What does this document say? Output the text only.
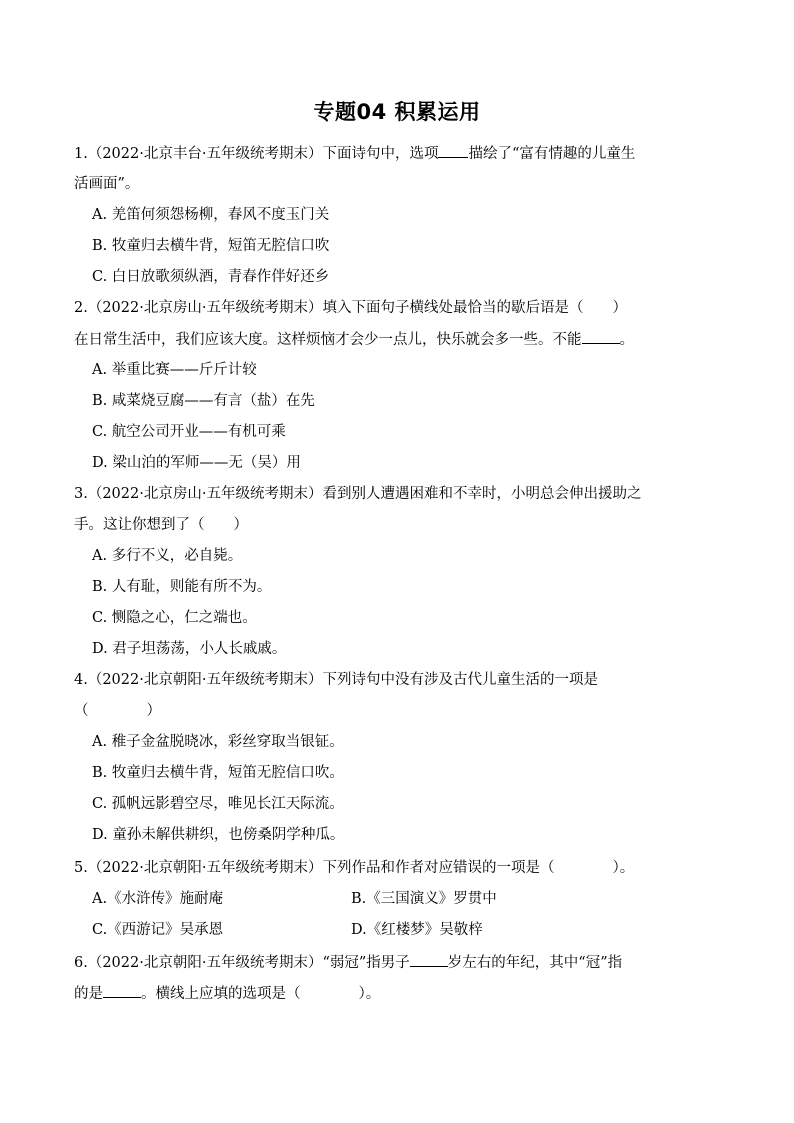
专题04 积累运用
1.（2022·北京丰台·五年级统考期末）下面诗句中，选项 描绘了“富有情趣的儿童生
活画面”。
A. 羌笛何须怨杨柳，春风不度玉门关
B. 牧童归去横牛背，短笛无腔信口吹
C. 白日放歌须纵酒，青春作伴好还乡
2.（2022·北京房山·五年级统考期末）填入下面句子横线处最恰当的歇后语是（　　）
在日常生活中，我们应该大度。这样烦恼才会少一点儿，快乐就会多一些。不能	。
A. 举重比赛——斤斤计较
B. 咸菜烧豆腐——有言（盐）在先
C. 航空公司开业——有机可乘
D. 梁山泊的军师——无（吴）用
3.（2022·北京房山·五年级统考期末）看到别人遭遇困难和不幸时，小明总会伸出援助之
手。这让你想到了（　　）
A. 多行不义，必自毙。
B. 人有耻，则能有所不为。
C. 恻隐之心，仁之端也。
D. 君子坦荡荡，小人长戚戚。
4.（2022·北京朝阳·五年级统考期末）下列诗句中没有涉及古代儿童生活的一项是
（　　　　）
A. 稚子金盆脱晓冰，彩丝穿取当银钲。
B. 牧童归去横牛背，短笛无腔信口吹。
C. 孤帆远影碧空尽，唯见长江天际流。
D. 童孙未解供耕织，也傍桑阴学种瓜。
5.（2022·北京朝阳·五年级统考期末）下列作品和作者对应错误的一项是（　　　　）。
A.《水浒传》施耐庵	B.《三国演义》罗贯中
C.《西游记》吴承恩	D.《红楼梦》吴敬梓
6.（2022·北京朝阳·五年级统考期末）“弱冠”指男子	岁左右的年纪，其中“冠”指
的是	。横线上应填的选项是（　　　　）。
